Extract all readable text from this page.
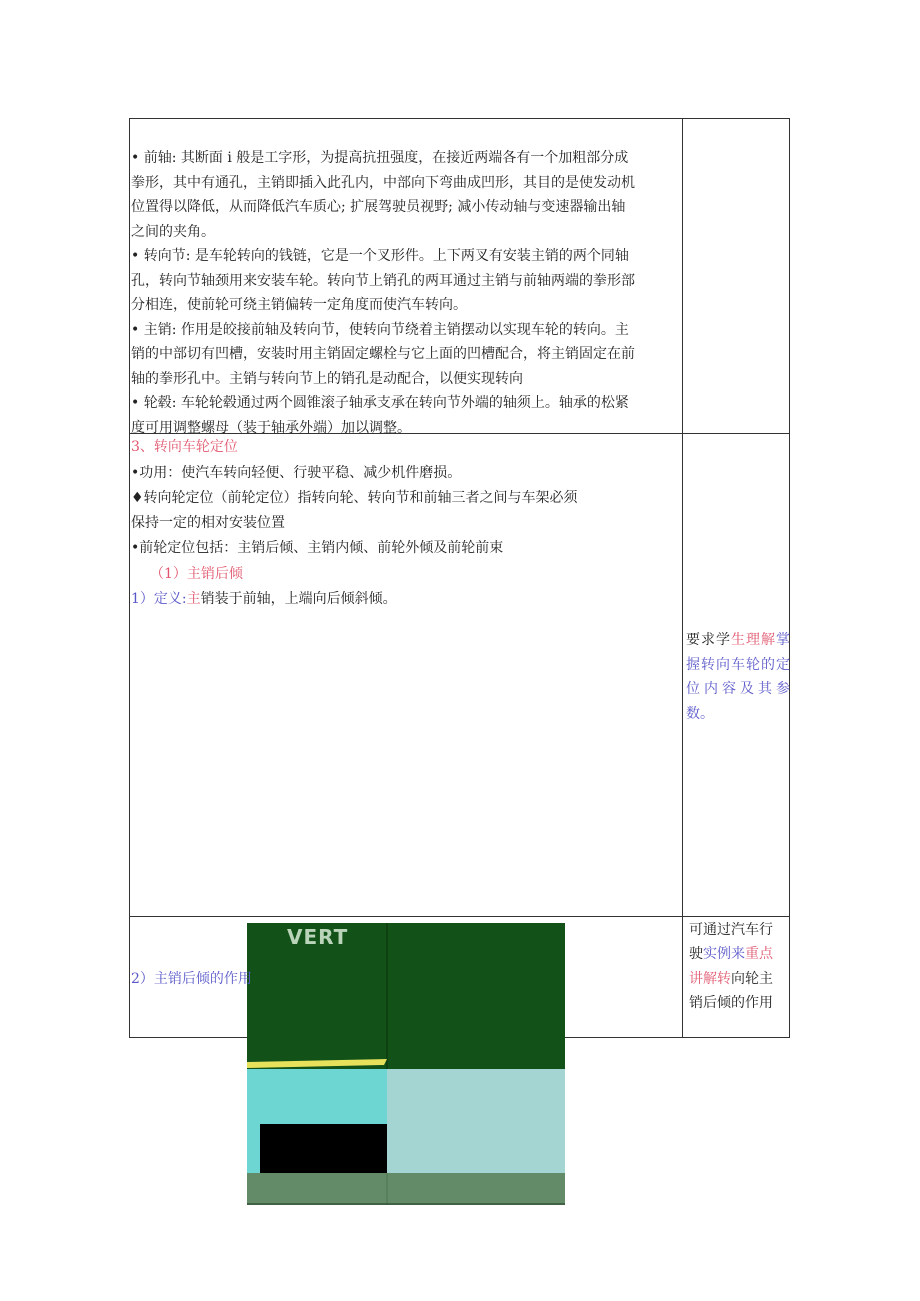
• 前轴: 其断面 i 般是工字形，为提高抗扭强度，在接近两端各有一个加粗部分成

拳形，其中有通孔，主销即插入此孔内，中部向下弯曲成凹形，其目的是使发动机

位置得以降低，从而降低汽车质心; 扩展驾驶员视野; 减小传动轴与变速器输出轴

之间的夹角。

• 转向节: 是车轮转向的钱链，它是一个叉形件。上下两叉有安装主销的两个同轴

孔，转向节轴颈用来安装车轮。转向节上销孔的两耳通过主销与前轴两端的拳形部

分相连，使前轮可绕主销偏转一定角度而使汽车转向。

• 主销: 作用是皎接前轴及转向节，使转向节绕着主销摆动以实现车轮的转向。主

销的中部切有凹槽，安装时用主销固定螺栓与它上面的凹槽配合，将主销固定在前

轴的拳形孔中。主销与转向节上的销孔是动配合，以便实现转向

• 轮毂: 车轮轮毂通过两个圆锥滚子轴承支承在转向节外端的轴须上。轴承的松紧

度可用调整螺母（装于轴承外端）加以调整。

3、转向车轮定位

•功用：使汽车转向轻便、行驶平稳、减少机件磨损。

♦转向轮定位（前轮定位）指转向轮、转向节和前轴三者之间与车架必须

保持一定的相对安装位置

•前轮定位包括：主销后倾、主销内倾、前轮外倾及前轮前束

（1）主销后倾

1）定义:主销装于前轴，上端向后倾斜倾。

VERT

要求学生理解掌握转向车轮的定位内容及其参数。

2）主销后倾的作用

可通过汽车行

驶实例来重点

讲解转向轮主

销后倾的作用
